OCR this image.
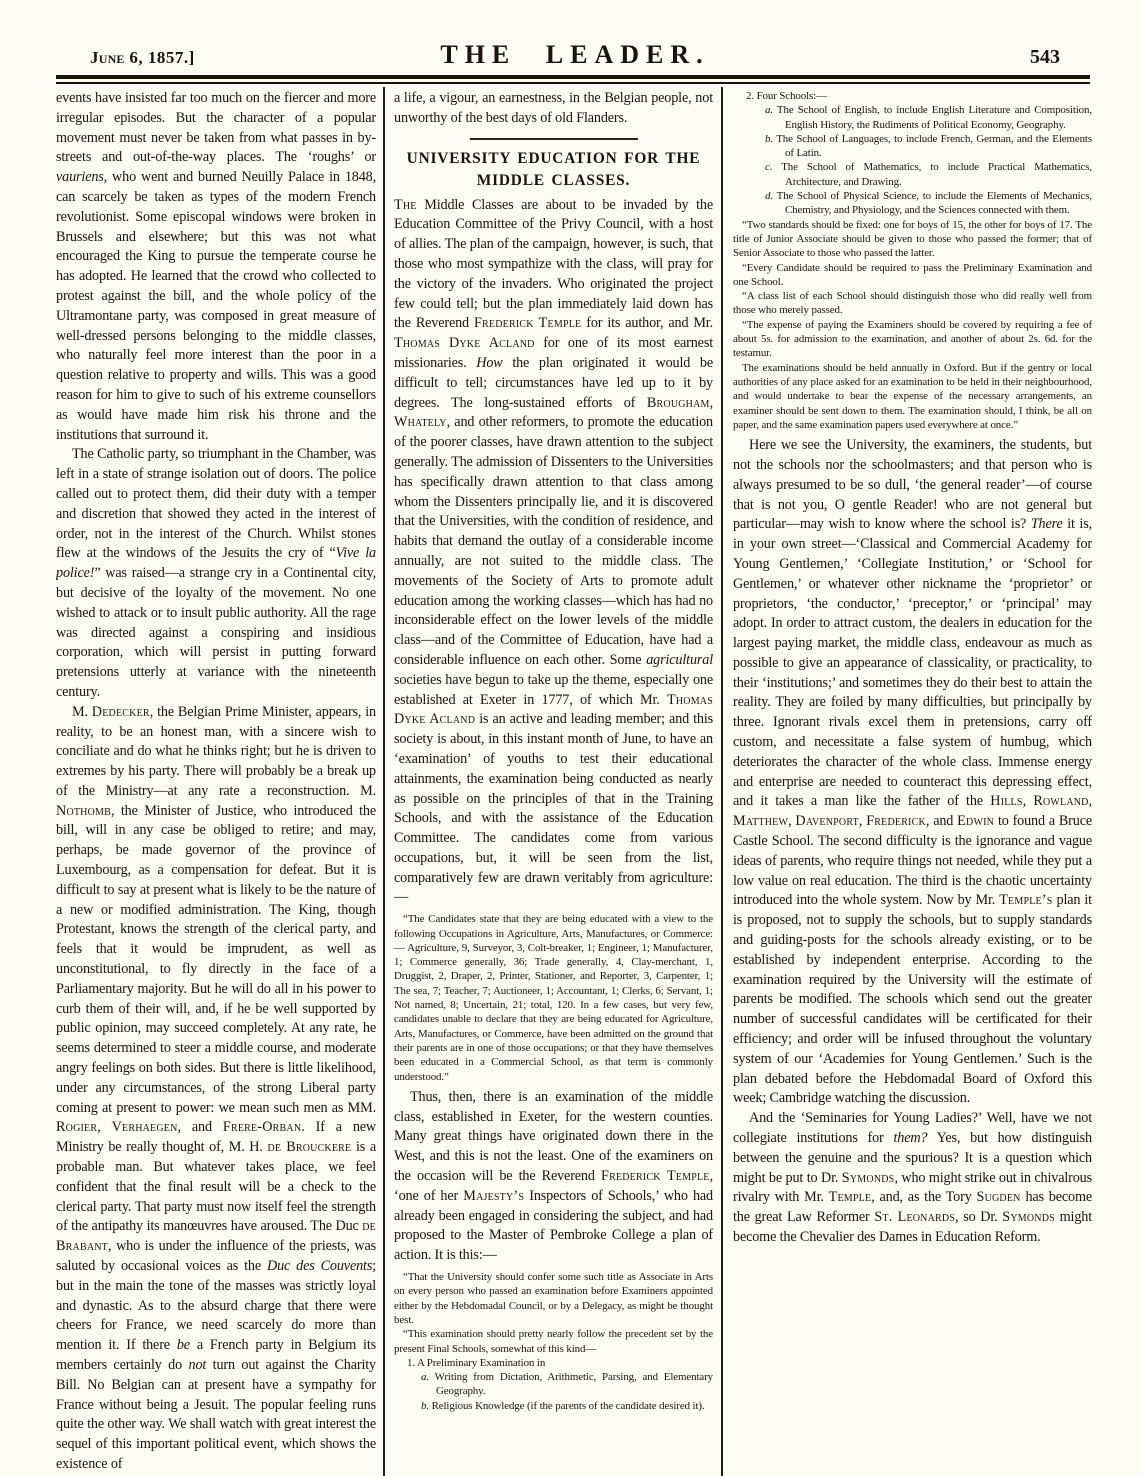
June 6, 1857.]	THE LEADER.	543

events have insisted far too much on the fiercer and more irregular episodes. But the character of a popular movement must never be taken from what passes in by-streets and out-of-the-way places. The ‘roughs’ or vauriens, who went and burned Neuilly Palace in 1848, can scarcely be taken as types of the modern French revolutionist. Some episcopal windows were broken in Brussels and elsewhere; but this was not what encouraged the King to pursue the temperate course he has adopted. He learned that the crowd who collected to protest against the bill, and the whole policy of the Ultramontane party, was composed in great measure of well-dressed persons belonging to the middle classes, who naturally feel more interest than the poor in a question relative to property and wills. This was a good reason for him to give to such of his extreme counsellors as would have made him risk his throne and the institutions that surround it.

The Catholic party, so triumphant in the Chamber, was left in a state of strange isolation out of doors. The police called out to protect them, did their duty with a temper and discretion that showed they acted in the interest of order, not in the interest of the Church. Whilst stones flew at the windows of the Jesuits the cry of “Vive la police!” was raised—a strange cry in a Continental city, but decisive of the loyalty of the movement. No one wished to attack or to insult public authority. All the rage was directed against a conspiring and insidious corporation, which will persist in putting forward pretensions utterly at variance with the nineteenth century.

M. Dedecker, the Belgian Prime Minister, appears, in reality, to be an honest man, with a sincere wish to conciliate and do what he thinks right; but he is driven to extremes by his party. There will probably be a break up of the Ministry—at any rate a reconstruction. M. Nothomb, the Minister of Justice, who introduced the bill, will in any case be obliged to retire; and may, perhaps, be made governor of the province of Luxembourg, as a compensation for defeat. But it is difficult to say at present what is likely to be the nature of a new or modified administration. The King, though Protestant, knows the strength of the clerical party, and feels that it would be imprudent, as well as unconstitutional, to fly directly in the face of a Parliamentary majority. But he will do all in his power to curb them of their will, and, if he be well supported by public opinion, may succeed completely. At any rate, he seems determined to steer a middle course, and moderate angry feelings on both sides. But there is little likelihood, under any circumstances, of the strong Liberal party coming at present to power: we mean such men as MM. Rogier, Verhaegen, and Frere-Orban. If a new Ministry be really thought of, M. H. de Brouckere is a probable man. But whatever takes place, we feel confident that the final result will be a check to the clerical party. That party must now itself feel the strength of the antipathy its manœuvres have aroused. The Duc de Brabant, who is under the influence of the priests, was saluted by occasional voices as the Duc des Couvents; but in the main the tone of the masses was strictly loyal and dynastic. As to the absurd charge that there were cheers for France, we need scarcely do more than mention it. If there be a French party in Belgium its members certainly do not turn out against the Charity Bill. No Belgian can at present have a sympathy for France without being a Jesuit. The popular feeling runs quite the other way. We shall watch with great interest the sequel of this important political event, which shows the existence of

a life, a vigour, an earnestness, in the Belgian people, not unworthy of the best days of old Flanders.

UNIVERSITY EDUCATION FOR THE MIDDLE CLASSES.

The Middle Classes are about to be invaded by the Education Committee of the Privy Council, with a host of allies. The plan of the campaign, however, is such, that those who most sympathize with the class, will pray for the victory of the invaders. Who originated the project few could tell; but the plan immediately laid down has the Reverend Frederick Temple for its author, and Mr. Thomas Dyke Acland for one of its most earnest missionaries. How the plan originated it would be difficult to tell; circumstances have led up to it by degrees. The long-sustained efforts of Brougham, Whately, and other reformers, to promote the education of the poorer classes, have drawn attention to the subject generally. The admission of Dissenters to the Universities has specifically drawn attention to that class among whom the Dissenters principally lie, and it is discovered that the Universities, with the condition of residence, and habits that demand the outlay of a considerable income annually, are not suited to the middle class. The movements of the Society of Arts to promote adult education among the working classes—which has had no inconsiderable effect on the lower levels of the middle class—and of the Committee of Education, have had a considerable influence on each other. Some agricultural societies have begun to take up the theme, especially one established at Exeter in 1777, of which Mr. Thomas Dyke Acland is an active and leading member; and this society is about, in this instant month of June, to have an ‘examination’ of youths to test their educational attainments, the examination being conducted as nearly as possible on the principles of that in the Training Schools, and with the assistance of the Education Committee. The candidates come from various occupations, but, it will be seen from the list, comparatively few are drawn veritably from agriculture:—

“The Candidates state that they are being educated with a view to the following Occupations in Agriculture, Arts, Manufactures, or Commerce:— Agriculture, 9, Surveyor, 3, Colt-breaker, 1; Engineer, 1; Manufacturer, 1; Commerce generally, 36; Trade generally, 4, Clay-merchant, 1, Druggist, 2, Draper, 2, Printer, Stationer, and Reporter, 3, Carpenter, 1; The sea, 7; Teacher, 7; Auctioneer, 1; Accountant, 1; Clerks, 6; Servant, 1; Not named, 8; Uncertain, 21; total, 120. In a few cases, but very few, candidates unable to declare that they are being educated for Agriculture, Arts, Manufactures, or Commerce, have been admitted on the ground that their parents are in one of those occupations; or that they have themselves been educated in a Commercial School, as that term is commonly understood.”

Thus, then, there is an examination of the middle class, established in Exeter, for the western counties. Many great things have originated down there in the West, and this is not the least. One of the examiners on the occasion will be the Reverend Frederick Temple, ‘one of her Majesty’s Inspectors of Schools,’ who had already been engaged in considering the subject, and had proposed to the Master of Pembroke College a plan of action. It is this:—

“That the University should confer some such title as Associate in Arts on every person who passed an examination before Examiners appointed either by the Hebdomadal Council, or by a Delegacy, as might be thought best.

“This examination should pretty nearly follow the precedent set by the present Final Schools, somewhat of this kind—

1. A Preliminary Examination in

a. Writing from Dictation, Arithmetic, Parsing, and Elementary Geography.

b. Religious Knowledge (if the parents of the candidate desired it).

2. Four Schools:—

a. The School of English, to include English Literature and Composition, English History, the Rudiments of Political Economy, Geography.

b. The School of Languages, to include French, German, and the Elements of Latin.

c. The School of Mathematics, to include Practical Mathematics, Architecture, and Drawing.

d. The School of Physical Science, to include the Elements of Mechanics, Chemistry, and Physiology, and the Sciences connected with them.

“Two standards should be fixed: one for boys of 15, the other for boys of 17. The title of Junior Associate should be given to those who passed the former; that of Senior Associate to those who passed the latter.

“Every Candidate should be required to pass the Preliminary Examination and one School.

“A class list of each School should distinguish those who did really well from those who merely passed.

“The expense of paying the Examiners should be covered by requiring a fee of about 5s. for admission to the examination, and another of about 2s. 6d. for the testamur.

The examinations should be held annually in Oxford. But if the gentry or local authorities of any place asked for an examination to be held in their neighbourhood, and would undertake to bear the expense of the necessary arrangements, an examiner should be sent down to them. The examination should, I think, be all on paper, and the same examination papers used everywhere at once.”

Here we see the University, the examiners, the students, but not the schools nor the schoolmasters; and that person who is always presumed to be so dull, ‘the general reader’—of course that is not you, O gentle Reader! who are not general but particular—may wish to know where the school is? There it is, in your own street—‘Classical and Commercial Academy for Young Gentlemen,’ ‘Collegiate Institution,’ or ‘School for Gentlemen,’ or whatever other nickname the ‘proprietor’ or proprietors, ‘the conductor,’ ‘preceptor,’ or ‘principal’ may adopt. In order to attract custom, the dealers in education for the largest paying market, the middle class, endeavour as much as possible to give an appearance of classicality, or practicality, to their ‘institutions;’ and sometimes they do their best to attain the reality. They are foiled by many difficulties, but principally by three. Ignorant rivals excel them in pretensions, carry off custom, and necessitate a false system of humbug, which deteriorates the character of the whole class. Immense energy and enterprise are needed to counteract this depressing effect, and it takes a man like the father of the Hills, Rowland, Matthew, Davenport, Frederick, and Edwin to found a Bruce Castle School. The second difficulty is the ignorance and vague ideas of parents, who require things not needed, while they put a low value on real education. The third is the chaotic uncertainty introduced into the whole system. Now by Mr. Temple’s plan it is proposed, not to supply the schools, but to supply standards and guiding-posts for the schools already existing, or to be established by independent enterprise. According to the examination required by the University will the estimate of parents be modified. The schools which send out the greater number of successful candidates will be certificated for their efficiency; and order will be infused throughout the voluntary system of our ‘Academies for Young Gentlemen.’ Such is the plan debated before the Hebdomadal Board of Oxford this week; Cambridge watching the discussion.

And the ‘Seminaries for Young Ladies?’ Well, have we not collegiate institutions for them? Yes, but how distinguish between the genuine and the spurious? It is a question which might be put to Dr. Symonds, who might strike out in chivalrous rivalry with Mr. Temple, and, as the Tory Sugden has become the great Law Reformer St. Leonards, so Dr. Symonds might become the Chevalier des Dames in Education Reform.
